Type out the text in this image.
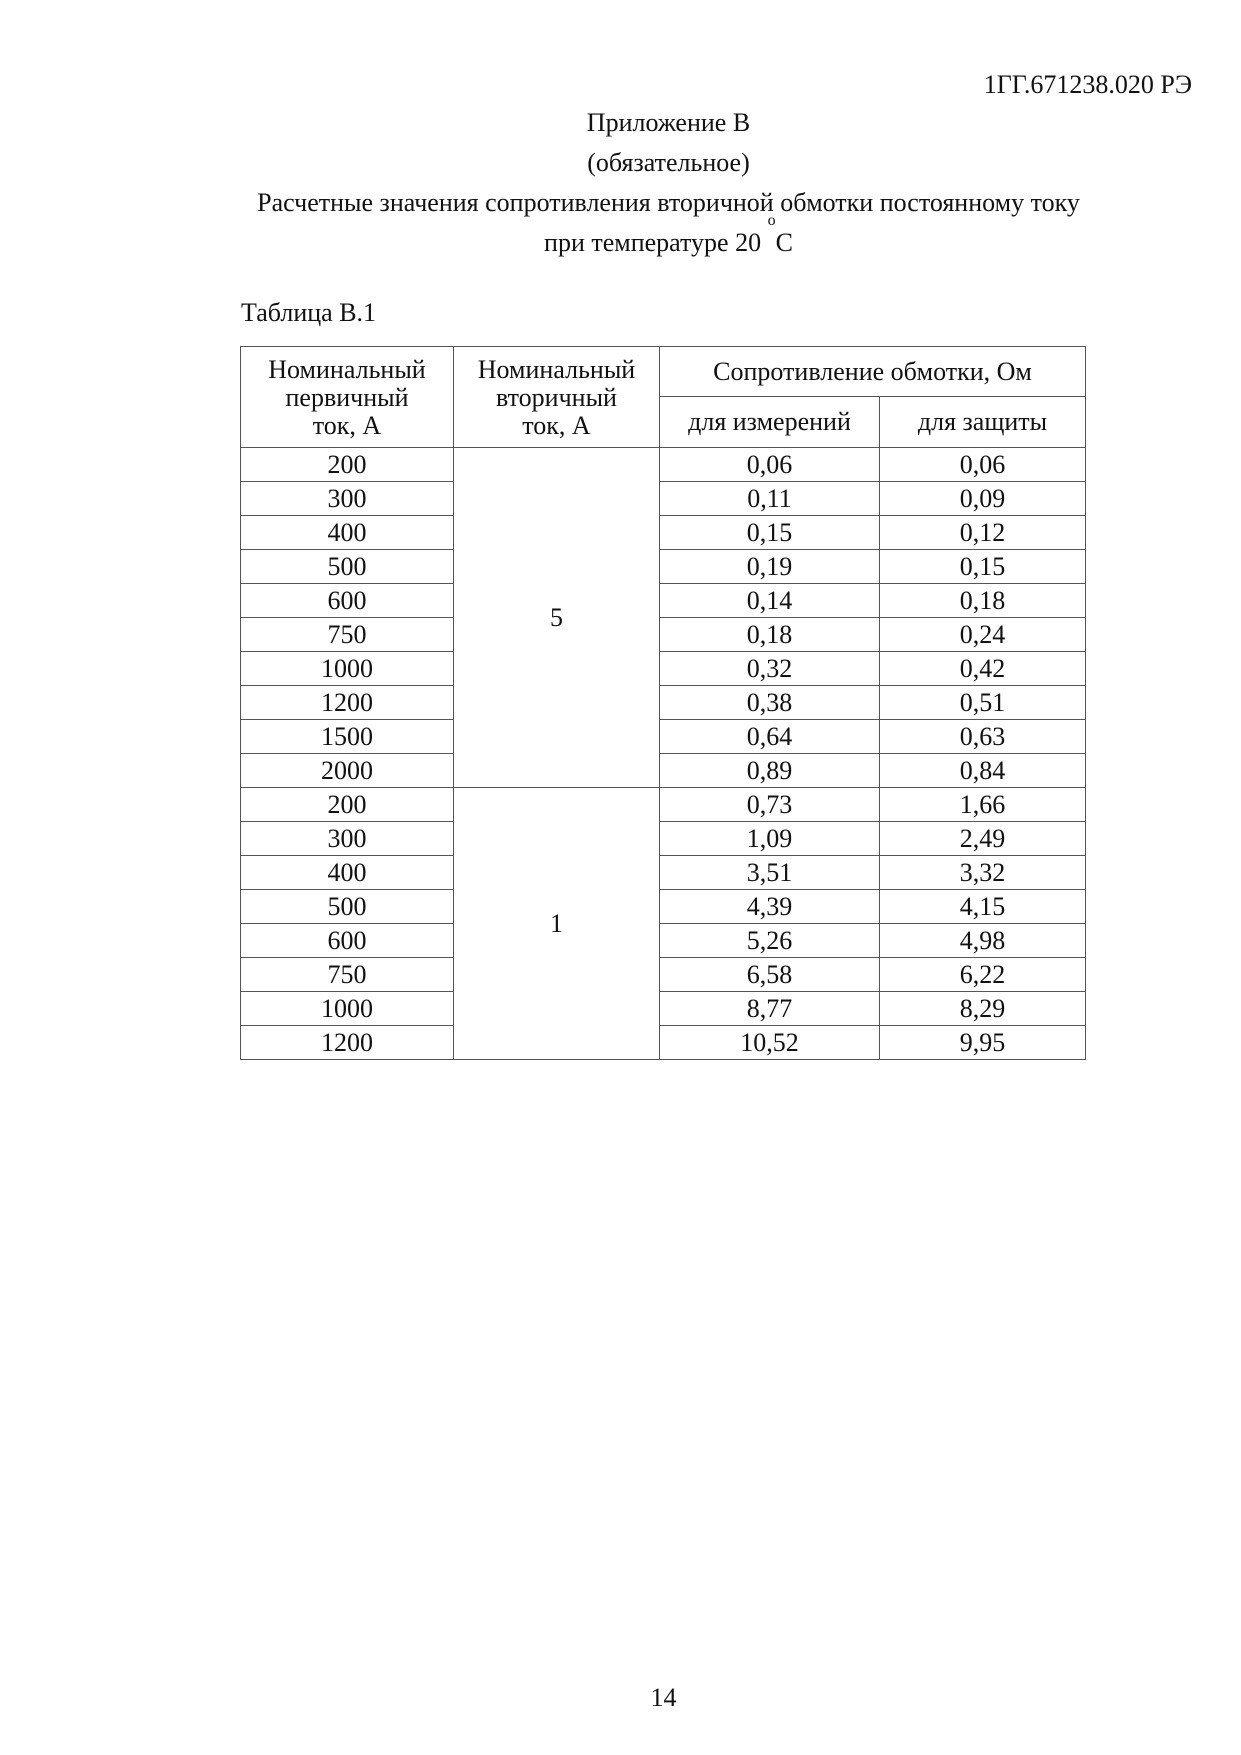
1ГГ.671238.020 РЭ
Приложение В
(обязательное)
Расчетные значения сопротивления вторичной обмотки постоянному току
при температуре 20 $^o$С
Таблица В.1
Номинальный
первичный
ток, А	Номинальный
вторичный
ток, А	Сопротивление обмотки, Ом	
		для измерений	для защиты
200	5	0,06	0,06
300		0,11	0,09
400		0,15	0,12
500		0,19	0,15
600		0,14	0,18
750		0,18	0,24
1000		0,32	0,42
1200		0,38	0,51
1500		0,64	0,63
2000		0,89	0,84
200	1	0,73	1,66
300		1,09	2,49
400		3,51	3,32
500		4,39	4,15
600		5,26	4,98
750		6,58	6,22
1000		8,77	8,29
1200		10,52	9,95
14
